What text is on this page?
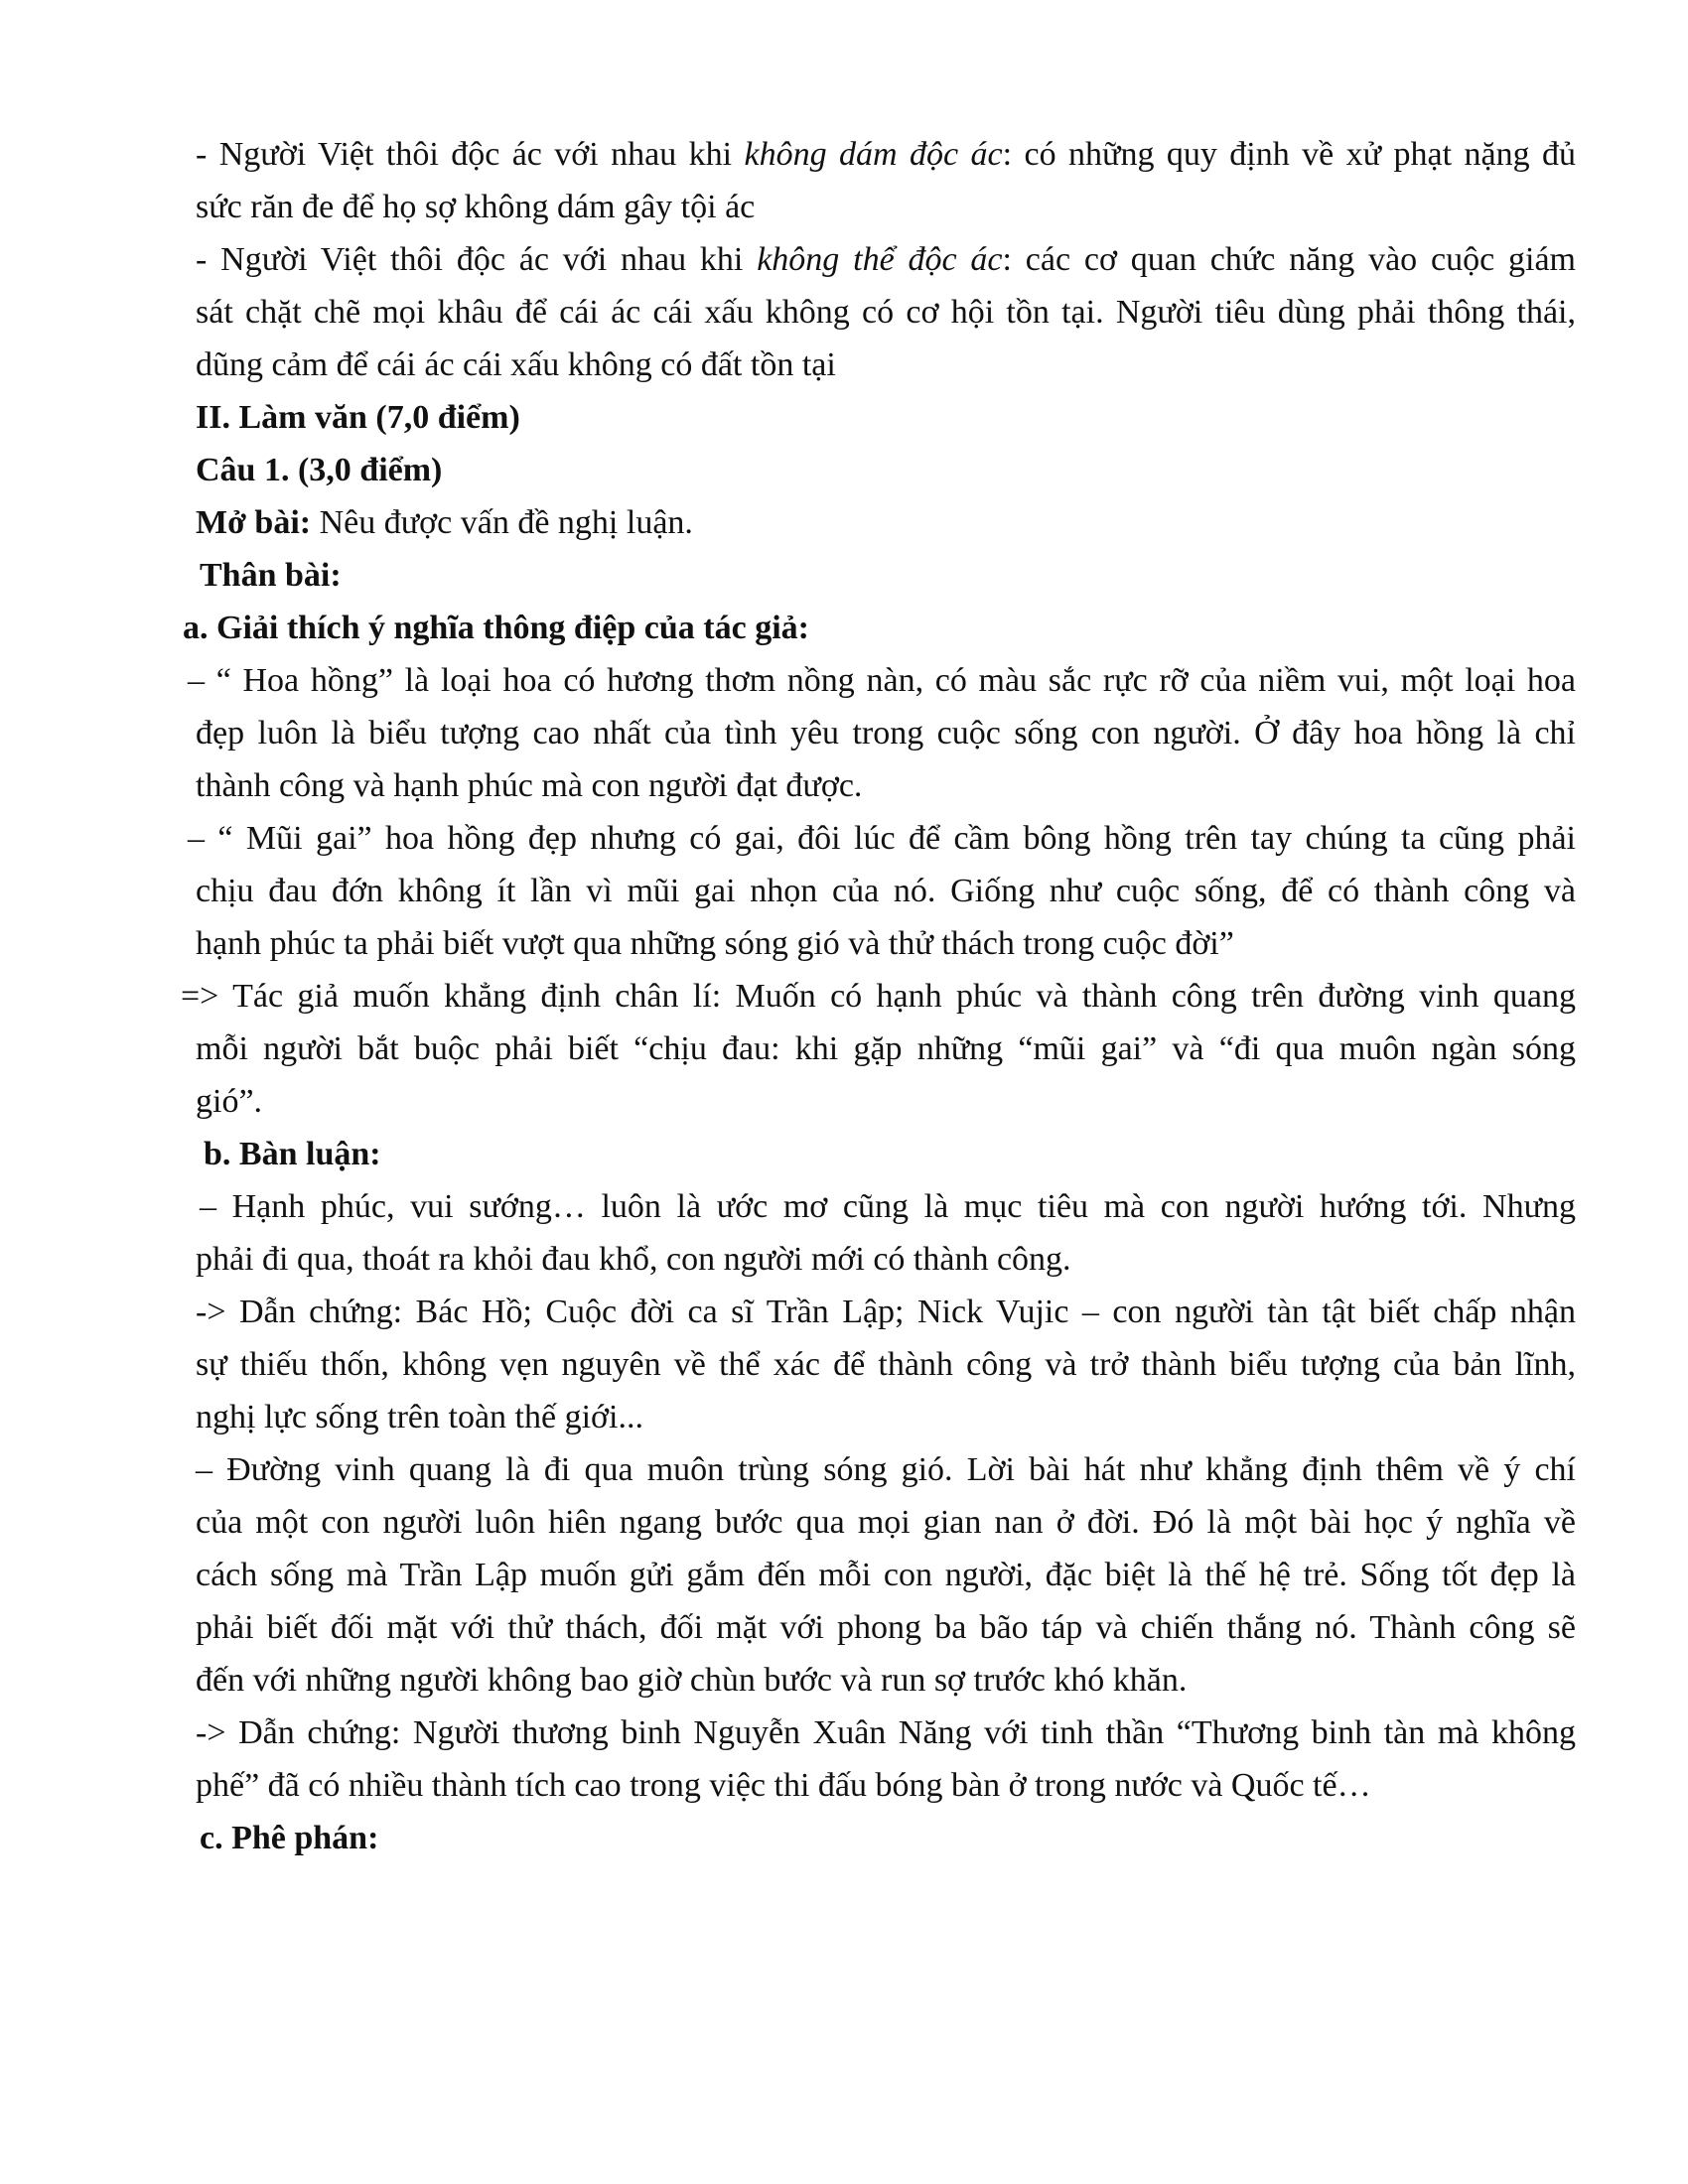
- Người Việt thôi độc ác với nhau khi không dám độc ác: có những quy định về xử phạt nặng đủ
sức răn đe để họ sợ không dám gây tội ác
- Người Việt thôi độc ác với nhau khi không thể độc ác: các cơ quan chức năng vào cuộc giám
sát chặt chẽ mọi khâu để cái ác cái xấu không có cơ hội tồn tại. Người tiêu dùng phải thông thái,
dũng cảm để cái ác cái xấu không có đất tồn tại
II. Làm văn (7,0 điểm)
Câu 1. (3,0 điểm)
Mở bài: Nêu được vấn đề nghị luận.
Thân bài:
a. Giải thích ý nghĩa thông điệp của tác giả:
– “ Hoa hồng” là loại hoa có hương thơm nồng nàn, có màu sắc rực rỡ của niềm vui, một loại hoa
đẹp luôn là biểu tượng cao nhất của tình yêu trong cuộc sống con người. Ở đây hoa hồng là chỉ
thành công và hạnh phúc mà con người đạt được.
– “ Mũi gai” hoa hồng đẹp nhưng có gai, đôi lúc để cầm bông hồng trên tay chúng ta cũng phải
chịu đau đớn không ít lần vì mũi gai nhọn của nó. Giống như cuộc sống, để có thành công và
hạnh phúc ta phải biết vượt qua những sóng gió và thử thách trong cuộc đời”
=> Tác giả muốn khẳng định chân lí: Muốn có hạnh phúc và thành công trên đường vinh quang
mỗi người bắt buộc phải biết “chịu đau: khi gặp những “mũi gai” và “đi qua muôn ngàn sóng
gió”.
b. Bàn luận:
– Hạnh phúc, vui sướng… luôn là ước mơ cũng là mục tiêu mà con người hướng tới. Nhưng
phải đi qua, thoát ra khỏi đau khổ, con người mới có thành công.
-> Dẫn chứng: Bác Hồ; Cuộc đời ca sĩ Trần Lập; Nick Vujic – con người tàn tật biết chấp nhận
sự thiếu thốn, không vẹn nguyên về thể xác để thành công và trở thành biểu tượng của bản lĩnh,
nghị lực sống trên toàn thế giới...
– Đường vinh quang là đi qua muôn trùng sóng gió. Lời bài hát như khẳng định thêm về ý chí
của một con người luôn hiên ngang bước qua mọi gian nan ở đời. Đó là một bài học ý nghĩa về
cách sống mà Trần Lập muốn gửi gắm đến mỗi con người, đặc biệt là thế hệ trẻ. Sống tốt đẹp là
phải biết đối mặt với thử thách, đối mặt với phong ba bão táp và chiến thắng nó. Thành công sẽ
đến với những người không bao giờ chùn bước và run sợ trước khó khăn.
-> Dẫn chứng: Người thương binh Nguyễn Xuân Năng với tinh thần “Thương binh tàn mà không
phế” đã có nhiều thành tích cao trong việc thi đấu bóng bàn ở trong nước và Quốc tế…
c. Phê phán:
